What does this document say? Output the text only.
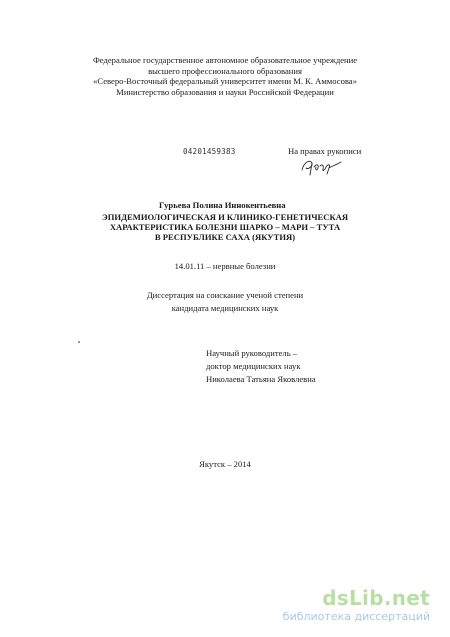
Федеральное государственное автономное образовательное учреждение
высшего профессионального образования
«Северо-Восточный федеральный университет имени М. К. Аммосова»
Министерство образования и науки Российской Федерации
04201459383	На правах рукописи
Гурьева Полина Иннокентьевна
ЭПИДЕМИОЛОГИЧЕСКАЯ И КЛИНИКО-ГЕНЕТИЧЕСКАЯ
ХАРАКТЕРИСТИКА БОЛЕЗНИ ШАРКО – МАРИ – ТУТА
В РЕСПУБЛИКЕ САХА (ЯКУТИЯ)
14.01.11 – нервные болезни
Диссертация на соискание ученой степени
кандидата медицинских наук
Научный руководитель –
доктор медицинских наук
Николаева Татьяна Яковлевна
Якутск – 2014
dsLib.net
библиотека диссертаций
